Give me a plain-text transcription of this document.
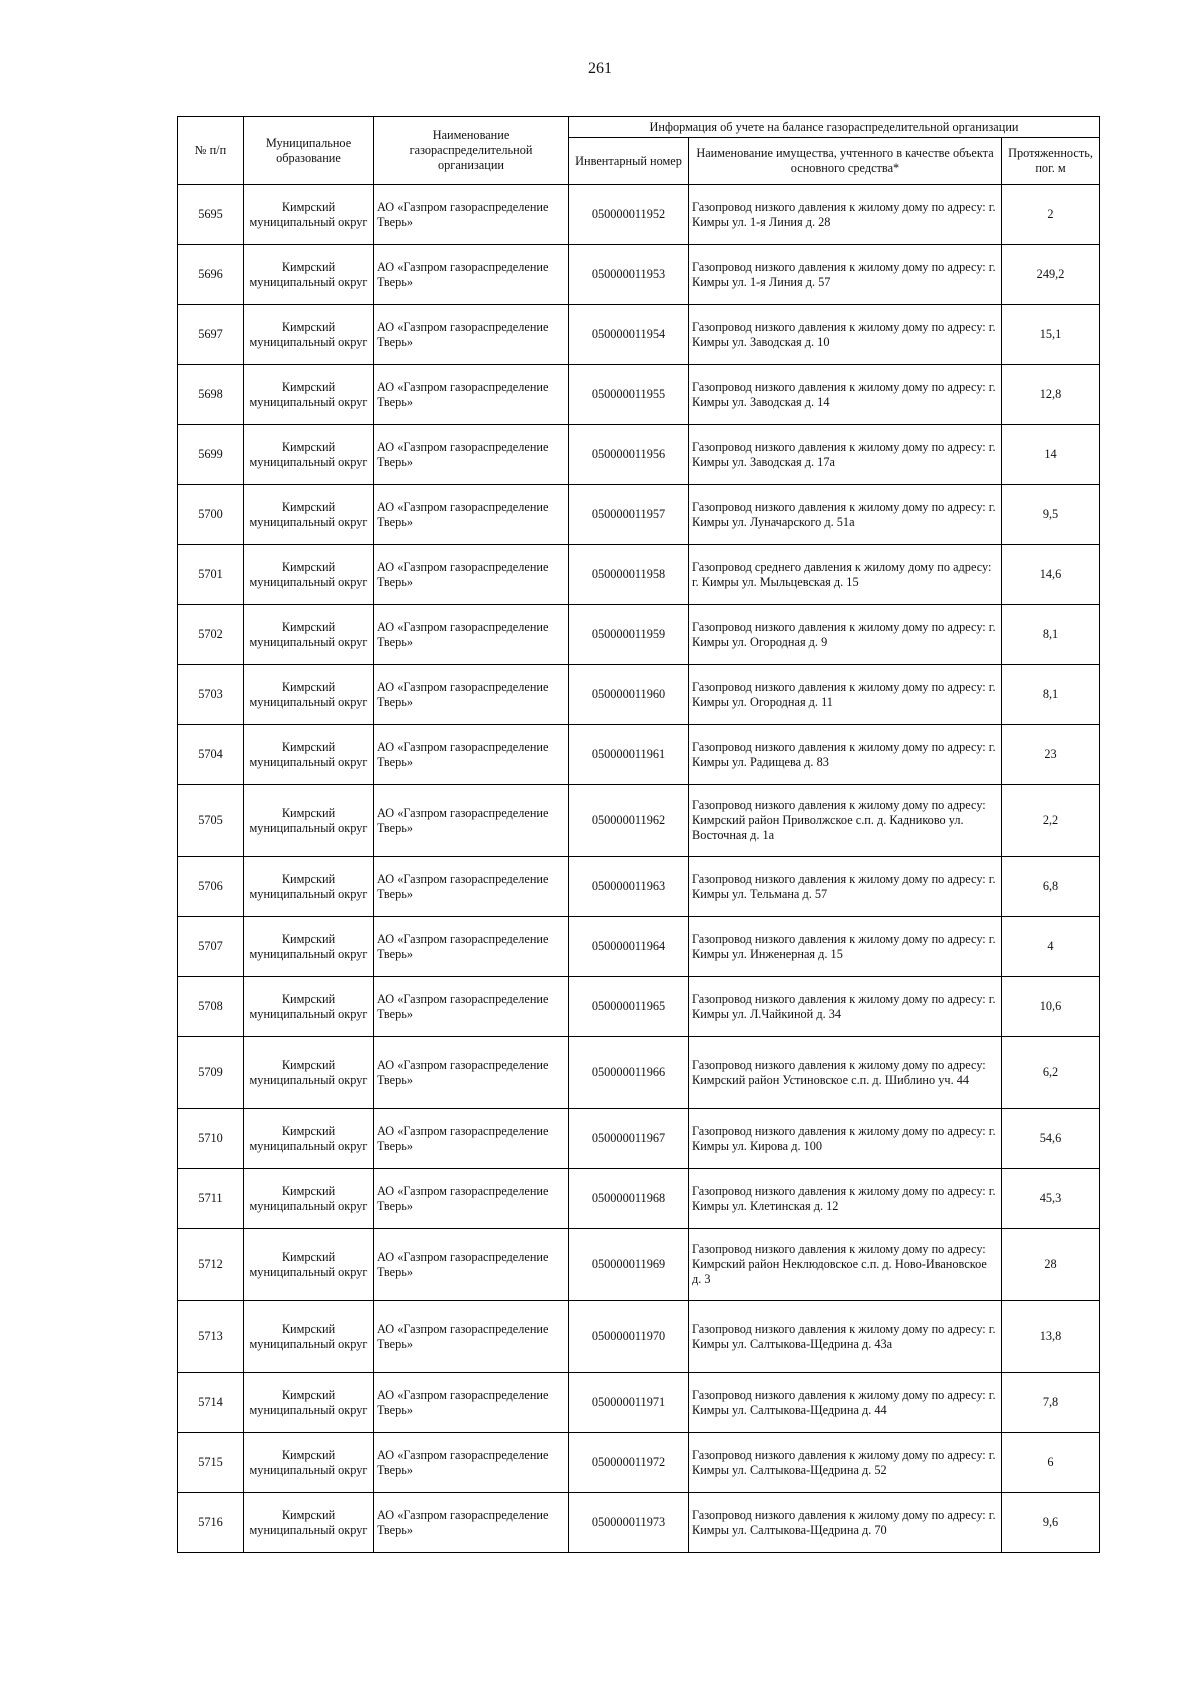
261
№ п/п	Муниципальное образование	Наименование газораспределительной организации	Информация об учете на балансе газораспределительной организации		
			Инвентарный номер	Наименование имущества, учтенного в качестве объекта основного средства*	Протяженность, пог. м
5695	Кимрский муниципальный округ	АО «Газпром газораспределение Тверь»	050000011952	Газопровод низкого давления к жилому дому по адресу: г. Кимры ул. 1-я Линия д. 28	2
5696	Кимрский муниципальный округ	АО «Газпром газораспределение Тверь»	050000011953	Газопровод низкого давления к жилому дому по адресу: г. Кимры ул. 1-я Линия д. 57	249,2
5697	Кимрский муниципальный округ	АО «Газпром газораспределение Тверь»	050000011954	Газопровод низкого давления к жилому дому по адресу: г. Кимры ул. Заводская д. 10	15,1
5698	Кимрский муниципальный округ	АО «Газпром газораспределение Тверь»	050000011955	Газопровод низкого давления к жилому дому по адресу: г. Кимры ул. Заводская д. 14	12,8
5699	Кимрский муниципальный округ	АО «Газпром газораспределение Тверь»	050000011956	Газопровод низкого давления к жилому дому по адресу: г. Кимры ул. Заводская д. 17а	14
5700	Кимрский муниципальный округ	АО «Газпром газораспределение Тверь»	050000011957	Газопровод низкого давления к жилому дому по адресу: г. Кимры ул. Луначарского д. 51а	9,5
5701	Кимрский муниципальный округ	АО «Газпром газораспределение Тверь»	050000011958	Газопровод среднего давления к жилому дому по адресу: г. Кимры ул. Мыльцевская д. 15	14,6
5702	Кимрский муниципальный округ	АО «Газпром газораспределение Тверь»	050000011959	Газопровод низкого давления к жилому дому по адресу: г. Кимры ул. Огородная д. 9	8,1
5703	Кимрский муниципальный округ	АО «Газпром газораспределение Тверь»	050000011960	Газопровод низкого давления к жилому дому по адресу: г. Кимры ул. Огородная д. 11	8,1
5704	Кимрский муниципальный округ	АО «Газпром газораспределение Тверь»	050000011961	Газопровод низкого давления к жилому дому по адресу: г. Кимры ул. Радищева д. 83	23
5705	Кимрский муниципальный округ	АО «Газпром газораспределение Тверь»	050000011962	Газопровод низкого давления к жилому дому по адресу: Кимрский район Приволжское с.п. д. Кадниково ул. Восточная д. 1а	2,2
5706	Кимрский муниципальный округ	АО «Газпром газораспределение Тверь»	050000011963	Газопровод низкого давления к жилому дому по адресу: г. Кимры ул. Тельмана д. 57	6,8
5707	Кимрский муниципальный округ	АО «Газпром газораспределение Тверь»	050000011964	Газопровод низкого давления к жилому дому по адресу: г. Кимры ул. Инженерная д. 15	4
5708	Кимрский муниципальный округ	АО «Газпром газораспределение Тверь»	050000011965	Газопровод низкого давления к жилому дому по адресу: г. Кимры ул. Л.Чайкиной д. 34	10,6
5709	Кимрский муниципальный округ	АО «Газпром газораспределение Тверь»	050000011966	Газопровод низкого давления к жилому дому по адресу: Кимрский район Устиновское с.п. д. Шиблино уч. 44	6,2
5710	Кимрский муниципальный округ	АО «Газпром газораспределение Тверь»	050000011967	Газопровод низкого давления к жилому дому по адресу: г. Кимры ул. Кирова д. 100	54,6
5711	Кимрский муниципальный округ	АО «Газпром газораспределение Тверь»	050000011968	Газопровод низкого давления к жилому дому по адресу: г. Кимры ул. Клетинская д. 12	45,3
5712	Кимрский муниципальный округ	АО «Газпром газораспределение Тверь»	050000011969	Газопровод низкого давления к жилому дому по адресу: Кимрский район Неклюдовское с.п. д. Ново-Ивановское д. 3	28
5713	Кимрский муниципальный округ	АО «Газпром газораспределение Тверь»	050000011970	Газопровод низкого давления к жилому дому по адресу: г. Кимры ул. Салтыкова-Щедрина д. 43а	13,8
5714	Кимрский муниципальный округ	АО «Газпром газораспределение Тверь»	050000011971	Газопровод низкого давления к жилому дому по адресу: г. Кимры ул. Салтыкова-Щедрина д. 44	7,8
5715	Кимрский муниципальный округ	АО «Газпром газораспределение Тверь»	050000011972	Газопровод низкого давления к жилому дому по адресу: г. Кимры ул. Салтыкова-Щедрина д. 52	6
5716	Кимрский муниципальный округ	АО «Газпром газораспределение Тверь»	050000011973	Газопровод низкого давления к жилому дому по адресу: г. Кимры ул. Салтыкова-Щедрина д. 70	9,6
